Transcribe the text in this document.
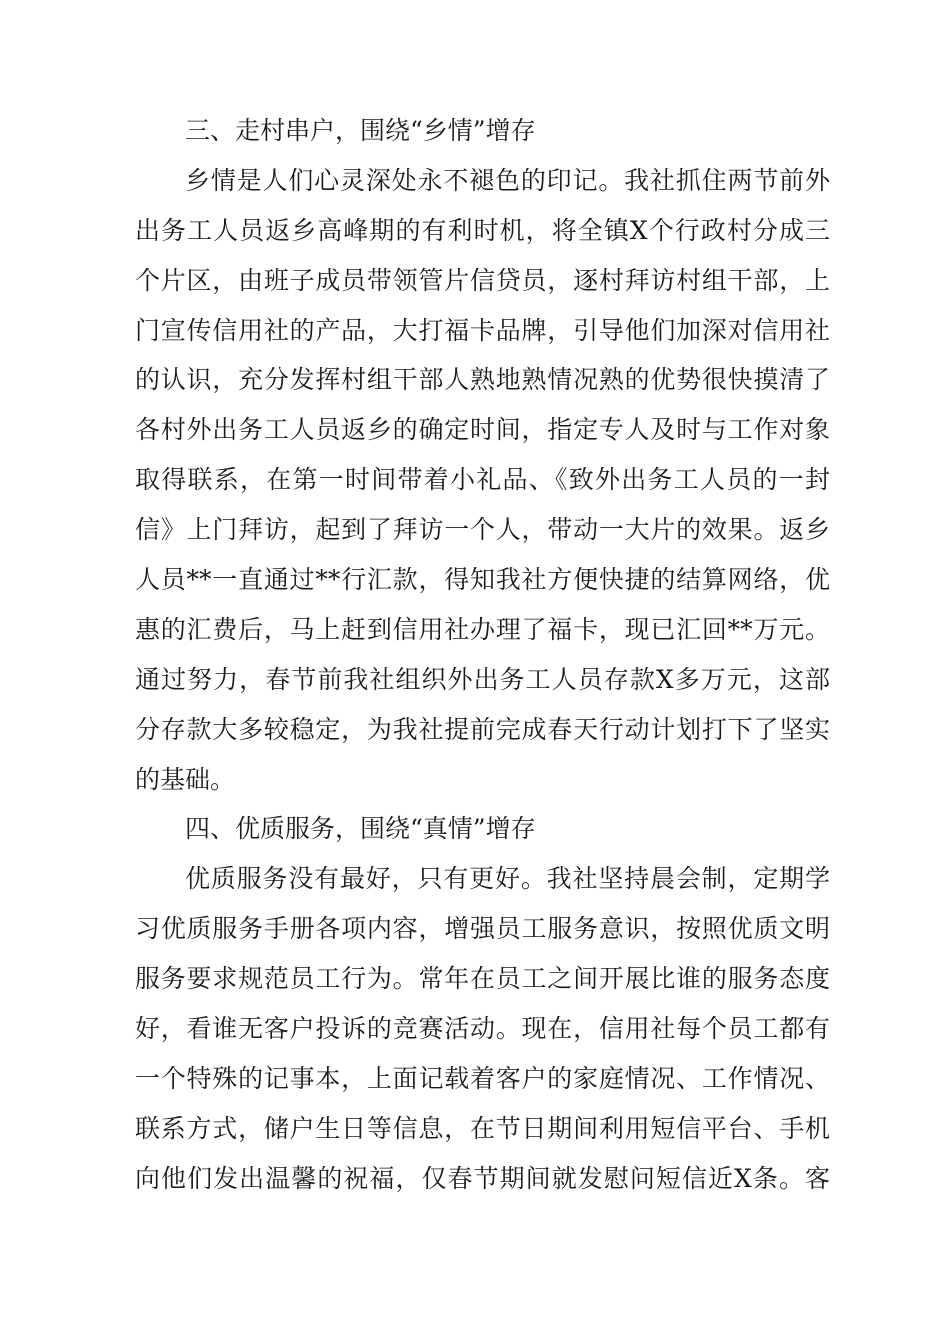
三、走村串户，围绕“乡情”增存
乡情是人们心灵深处永不褪色的印记。我社抓住两节前外
出务工人员返乡高峰期的有利时机，将全镇X个行政村分成三
个片区，由班子成员带领管片信贷员，逐村拜访村组干部，上
门宣传信用社的产品，大打福卡品牌，引导他们加深对信用社
的认识，充分发挥村组干部人熟地熟情况熟的优势很快摸清了
各村外出务工人员返乡的确定时间，指定专人及时与工作对象
取得联系，在第一时间带着小礼品、《致外出务工人员的一封
信》上门拜访，起到了拜访一个人，带动一大片的效果。返乡
人员**一直通过**行汇款，得知我社方便快捷的结算网络，优
惠的汇费后，马上赶到信用社办理了福卡，现已汇回**万元。
通过努力，春节前我社组织外出务工人员存款X多万元，这部
分存款大多较稳定，为我社提前完成春天行动计划打下了坚实
的基础。
四、优质服务，围绕“真情”增存
优质服务没有最好，只有更好。我社坚持晨会制，定期学
习优质服务手册各项内容，增强员工服务意识，按照优质文明
服务要求规范员工行为。常年在员工之间开展比谁的服务态度
好，看谁无客户投诉的竞赛活动。现在，信用社每个员工都有
一个特殊的记事本，上面记载着客户的家庭情况、工作情况、
联系方式，储户生日等信息，在节日期间利用短信平台、手机
向他们发出温馨的祝福，仅春节期间就发慰问短信近X条。客
